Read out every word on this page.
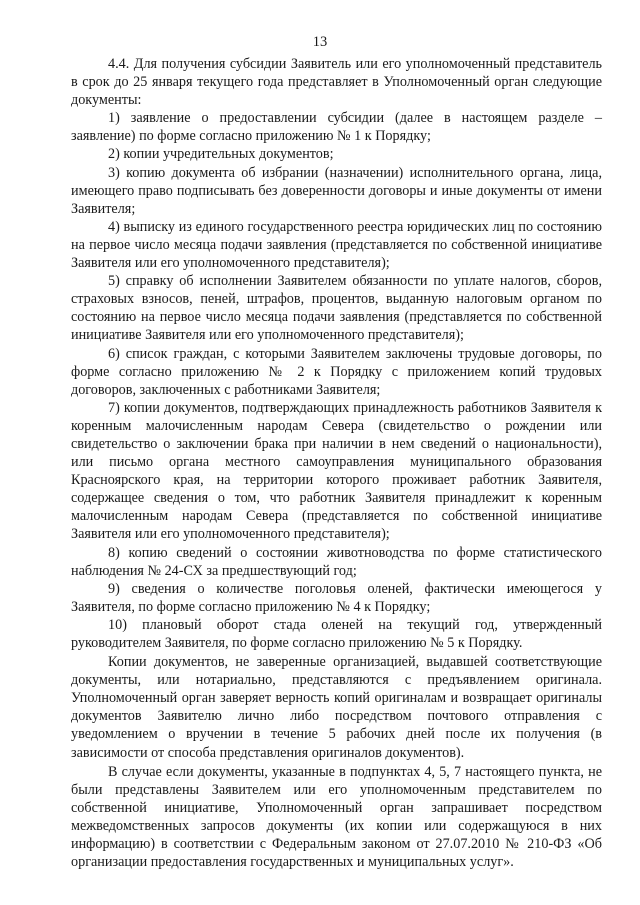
13

4.4. Для получения субсидии Заявитель или его уполномоченный представитель в срок до 25 января текущего года представляет в Уполномоченный орган следующие документы:

1) заявление о предоставлении субсидии (далее в настоящем разделе – заявление) по форме согласно приложению № 1 к Порядку;

2) копии учредительных документов;

3) копию документа об избрании (назначении) исполнительного органа, лица, имеющего право подписывать без доверенности договоры и иные документы от имени Заявителя;

4) выписку из единого государственного реестра юридических лиц по состоянию на первое число месяца подачи заявления (представляется по собственной инициативе Заявителя или его уполномоченного представителя);

5) справку об исполнении Заявителем обязанности по уплате налогов, сборов, страховых взносов, пеней, штрафов, процентов, выданную налоговым органом по состоянию на первое число месяца подачи заявления (представляется по собственной инициативе Заявителя или его уполномоченного представителя);

6) список граждан, с которыми Заявителем заключены трудовые договоры, по форме согласно приложению № 2 к Порядку с приложением копий трудовых договоров, заключенных с работниками Заявителя;

7) копии документов, подтверждающих принадлежность работников Заявителя к коренным малочисленным народам Севера (свидетельство о рождении или свидетельство о заключении брака при наличии в нем сведений о национальности), или письмо органа местного самоуправления муниципального образования Красноярского края, на территории которого проживает работник Заявителя, содержащее сведения о том, что работник Заявителя принадлежит к коренным малочисленным народам Севера (представляется по собственной инициативе Заявителя или его уполномоченного представителя);

8) копию сведений о состоянии животноводства по форме статистического наблюдения № 24-СХ за предшествующий год;

9) сведения о количестве поголовья оленей, фактически имеющегося у Заявителя, по форме согласно приложению № 4 к Порядку;

10) плановый оборот стада оленей на текущий год, утвержденный руководителем Заявителя, по форме согласно приложению № 5 к Порядку.

Копии документов, не заверенные организацией, выдавшей соответствующие документы, или нотариально, представляются с предъявлением оригинала. Уполномоченный орган заверяет верность копий оригиналам и возвращает оригиналы документов Заявителю лично либо посредством почтового отправления с уведомлением о вручении в течение 5 рабочих дней после их получения (в зависимости от способа представления оригиналов документов).

В случае если документы, указанные в подпунктах 4, 5, 7 настоящего пункта, не были представлены Заявителем или его уполномоченным представителем по собственной инициативе, Уполномоченный орган запрашивает посредством межведомственных запросов документы (их копии или содержащуюся в них информацию) в соответствии с Федеральным законом от 27.07.2010 № 210-ФЗ «Об организации предоставления государственных и муниципальных услуг».
